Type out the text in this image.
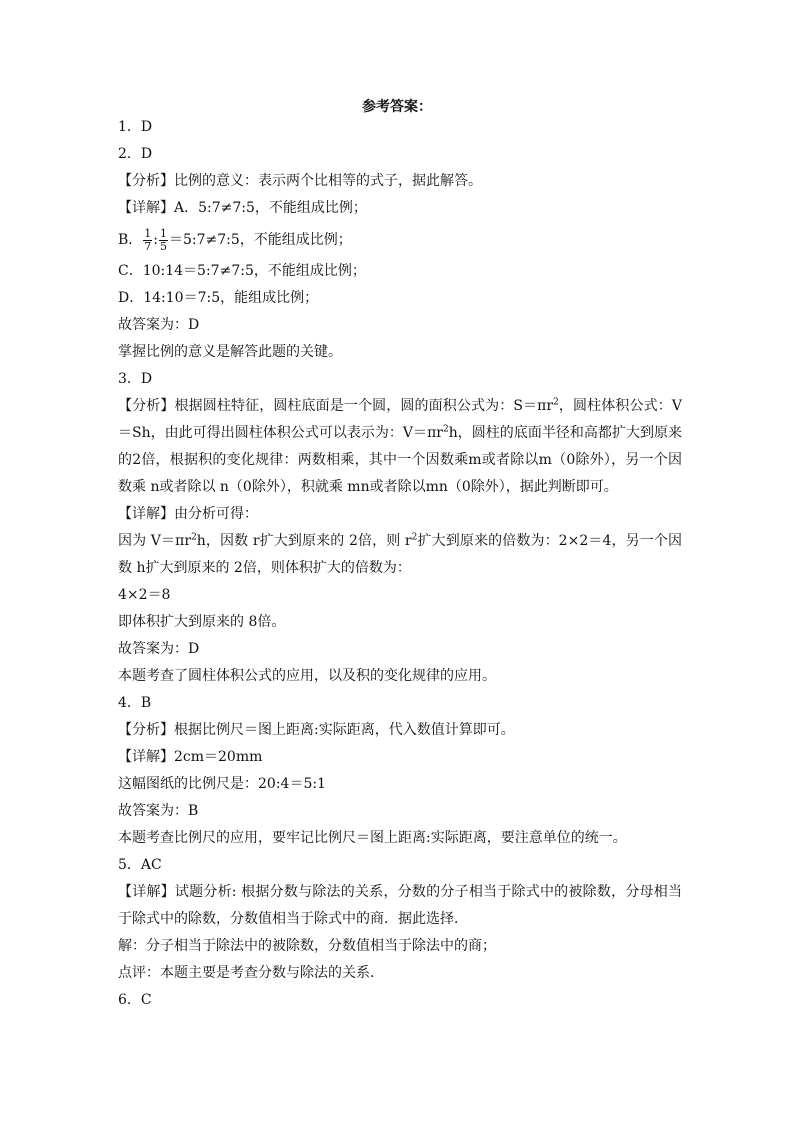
参考答案：
1．D
2．D
【分析】比例的意义：表示两个比相等的式子，据此解答。
【详解】A．5:7≠7:5，不能组成比例；
B． $\frac{1}{7}$ : $\frac{1}{5}$ ＝5:7≠7:5，不能组成比例；
C．10:14＝5:7≠7:5，不能组成比例；
D．14:10＝7:5，能组成比例；
故答案为：D
掌握比例的意义是解答此题的关键。
3．D
【分析】根据圆柱特征，圆柱底面是一个圆，圆的面积公式为：$S=\pi r^2$，圆柱体积公式：V＝Sh，由此可得出圆柱体积公式可以表示为：$V=\pi r^2h$，圆柱的底面半径和高都扩大到原来的2倍，根据积的变化规律：两数相乘，其中一个因数乘m或者除以m（0除外），另一个因数乘 n或者除以 n（0除外），积就乘 mn或者除以mn（0除外），据此判断即可。
【详解】由分析可得：
因为 $V=\pi r^2h$，因数 r扩大到原来的 2倍，则 $r^2$扩大到原来的倍数为：2×2＝4，另一个因数 h扩大到原来的 2倍，则体积扩大的倍数为：
4×2＝8
即体积扩大到原来的 8倍。
故答案为：D
本题考查了圆柱体积公式的应用，以及积的变化规律的应用。
4．B
【分析】根据比例尺＝图上距离:实际距离，代入数值计算即可。
【详解】2cm＝20mm
这幅图纸的比例尺是：20:4＝5:1
故答案为：B
本题考查比例尺的应用，要牢记比例尺＝图上距离:实际距离，要注意单位的统一。
5．AC
【详解】试题分析: 根据分数与除法的关系，分数的分子相当于除式中的被除数，分母相当于除式中的除数，分数值相当于除式中的商．据此选择．
解：分子相当于除法中的被除数，分数值相当于除法中的商；
点评：本题主要是考查分数与除法的关系．
6．C
